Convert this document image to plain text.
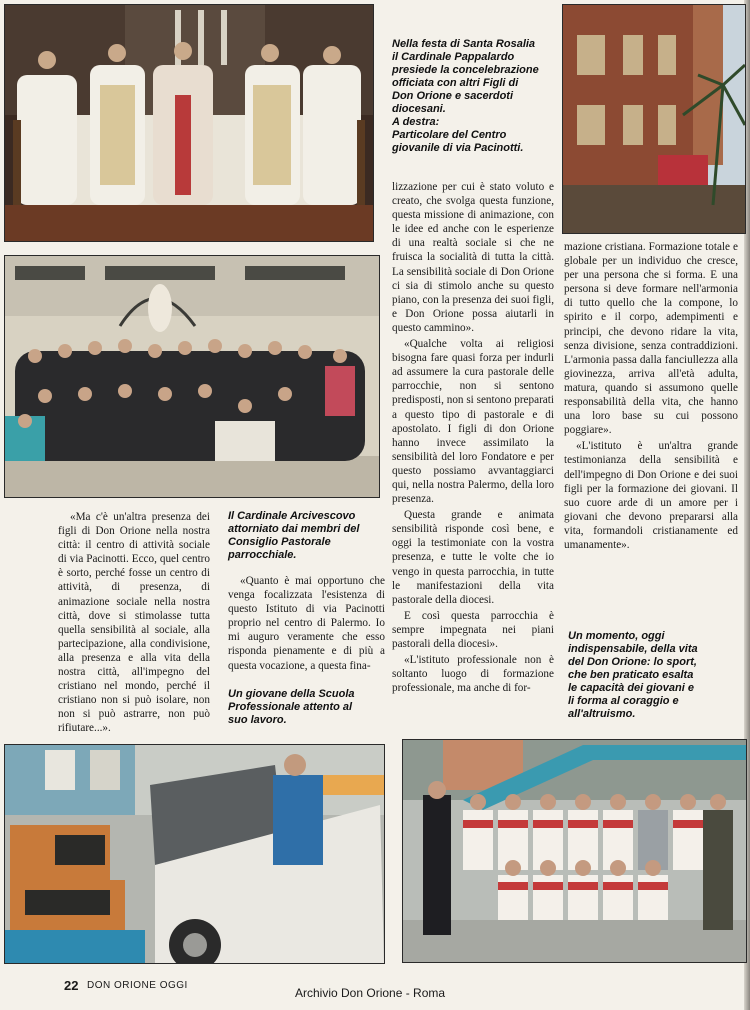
Nella festa di Santa Rosalia

il Cardinale Pappalardo

presiede la concelebrazione

officiata con altri Figli di

Don Orione e sacerdoti

diocesani.

A destra:

Particolare del Centro

giovanile di via Pacinotti.

Il Cardinale Arcivescovo

attorniato dai membri del

Consiglio Pastorale

parrocchiale.

Un giovane della Scuola

Professionale attento al

suo lavoro.

Un momento, oggi

indispensabile, della vita

del Don Orione: lo sport,

che ben praticato esalta

le capacità dei giovani e

li forma al coraggio e

all'altruismo.

«Ma c'è un'altra presenza dei figli di Don Orione nella nostra città: il centro di attività sociale di via Pacinotti. Ecco, quel centro è sorto, perché fosse un centro di attività, di presenza, di animazione sociale nella nostra città, dove si stimolasse tutta quella sensibilità al sociale, alla partecipazione, alla condivisione, alla presenza e alla vita della nostra città, all'impegno del cristiano nel mondo, perché il cristiano non si può isolare, non non si può astrarre, non può rifiutare...».

«Quanto è mai opportuno che venga focalizzata l'esistenza di questo Istituto di via Pacinotti proprio nel centro di Palermo. Io mi auguro veramente che esso risponda pienamente e di più a questa vocazione, a questa fina-

lizzazione per cui è stato voluto e creato, che svolga questa funzione, questa missione di animazione, con le idee ed anche con le esperienze di una realtà sociale si che ne fruisca la socialità di tutta la città. La sensibilità sociale di Don Orione ci sia di stimolo anche su questo piano, con la presenza dei suoi figli, e Don Orione possa aiutarli in questo cammino».

«Qualche volta ai religiosi bisogna fare quasi forza per indurli ad assumere la cura pastorale delle parrocchie, non si sentono predisposti, non si sentono preparati a questo tipo di pastorale e di apostolato. I figli di don Orione hanno invece assimilato la sensibilità del loro Fondatore e per questo possiamo avvantaggiarci qui, nella nostra Palermo, della loro presenza.

Questa grande e animata sensibilità risponde così bene, e oggi la testimoniate con la vostra presenza, e tutte le volte che io vengo in questa parrocchia, in tutte le manifestazioni della vita pastorale della diocesi.

E così questa parrocchia è sempre impegnata nei piani pastorali della diocesi».

«L'istituto professionale non è soltanto luogo di formazione professionale, ma anche di for-

mazione cristiana. Formazione totale e globale per un individuo che cresce, per una persona che si forma. E una persona si deve formare nell'armonia di tutto quello che la compone, lo spirito e il corpo, adempimenti e principi, che devono ridare la vita, senza divisione, senza contraddizioni. L'armonia passa dalla fanciullezza alla giovinezza, arriva all'età adulta, matura, quando si assumono quelle responsabilità della vita, che hanno una loro base su cui possono poggiare».

«L'istituto è un'altra grande testimonianza della sensibilità e dell'impegno di Don Orione e dei suoi figli per la formazione dei giovani. Il suo cuore arde di un amore per i giovani che devono prepararsi alla vita, formandoli cristianamente ed umanamente».

22 DON ORIONE OGGI
Archivio Don Orione - Roma
